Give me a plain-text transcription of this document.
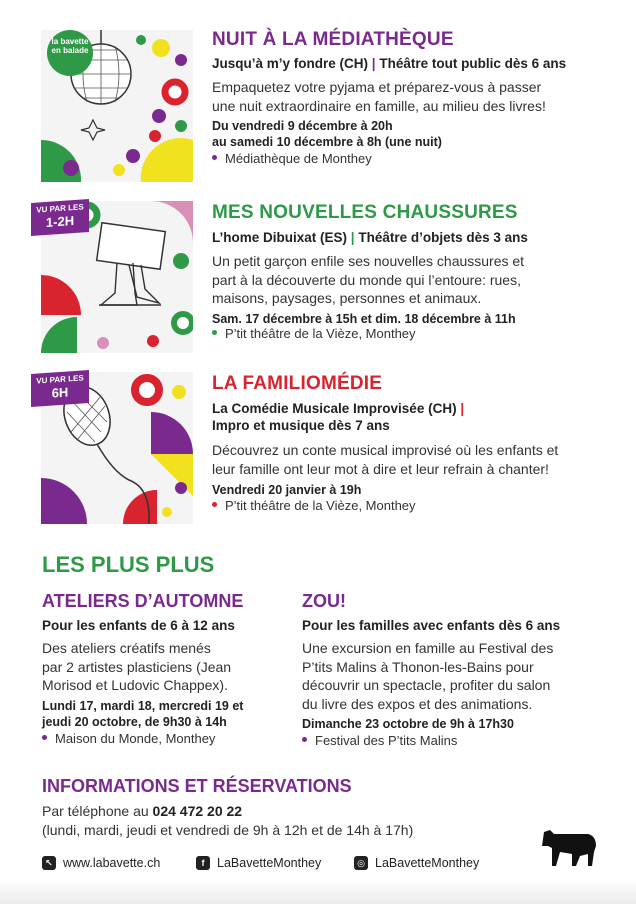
la bavette en balade
NUIT À LA MÉDIATHÈQUE
Jusqu’à m’y fondre (CH) | Théâtre tout public dès 6 ans
Empaquetez votre pyjama et préparez-vous à passer
une nuit extraordinaire en famille, au milieu des livres!
Du vendredi 9 décembre à 20h
au samedi 10 décembre à 8h (une nuit)
Médiathèque de Monthey
VU PAR LES
1-2H	MES NOUVELLES CHAUSSURES
L’home Dibuixat (ES) | Théâtre d’objets dès 3 ans
Un petit garçon enfile ses nouvelles chaussures et
part à la découverte du monde qui l’entoure: rues,
maisons, paysages, personnes et animaux.
Sam. 17 décembre à 15h et dim. 18 décembre à 11h
P’tit théâtre de la Vièze, Monthey
VU PAR LES
6H	LA FAMILIOMÉDIE
La Comédie Musicale Improvisée (CH) |
Impro et musique dès 7 ans
Découvrez un conte musical improvisé où les enfants et
leur famille ont leur mot à dire et leur refrain à chanter!
Vendredi 20 janvier à 19h
P’tit théâtre de la Vièze, Monthey
LES PLUS PLUS
ATELIERS D’AUTOMNE
Pour les enfants de 6 à 12 ans
Des ateliers créatifs menés
par 2 artistes plasticiens (Jean
Morisod et Ludovic Chappex).
Lundi 17, mardi 18, mercredi 19 et
jeudi 20 octobre, de 9h30 à 14h
Maison du Monde, Monthey
ZOU!
Pour les familles avec enfants dès 6 ans
Une excursion en famille au Festival des
P’tits Malins à Thonon-les-Bains pour
découvrir un spectacle, profiter du salon
du livre des expos et des animations.
Dimanche 23 octobre de 9h à 17h30
Festival des P’tits Malins
INFORMATIONS ET RÉSERVATIONS
Par téléphone au 024 472 20 22
(lundi, mardi, jeudi et vendredi de 9h à 12h et de 14h à 17h)
↖ www.labavette.ch	f	LaBavetteMonthey	◎ LaBavetteMonthey
